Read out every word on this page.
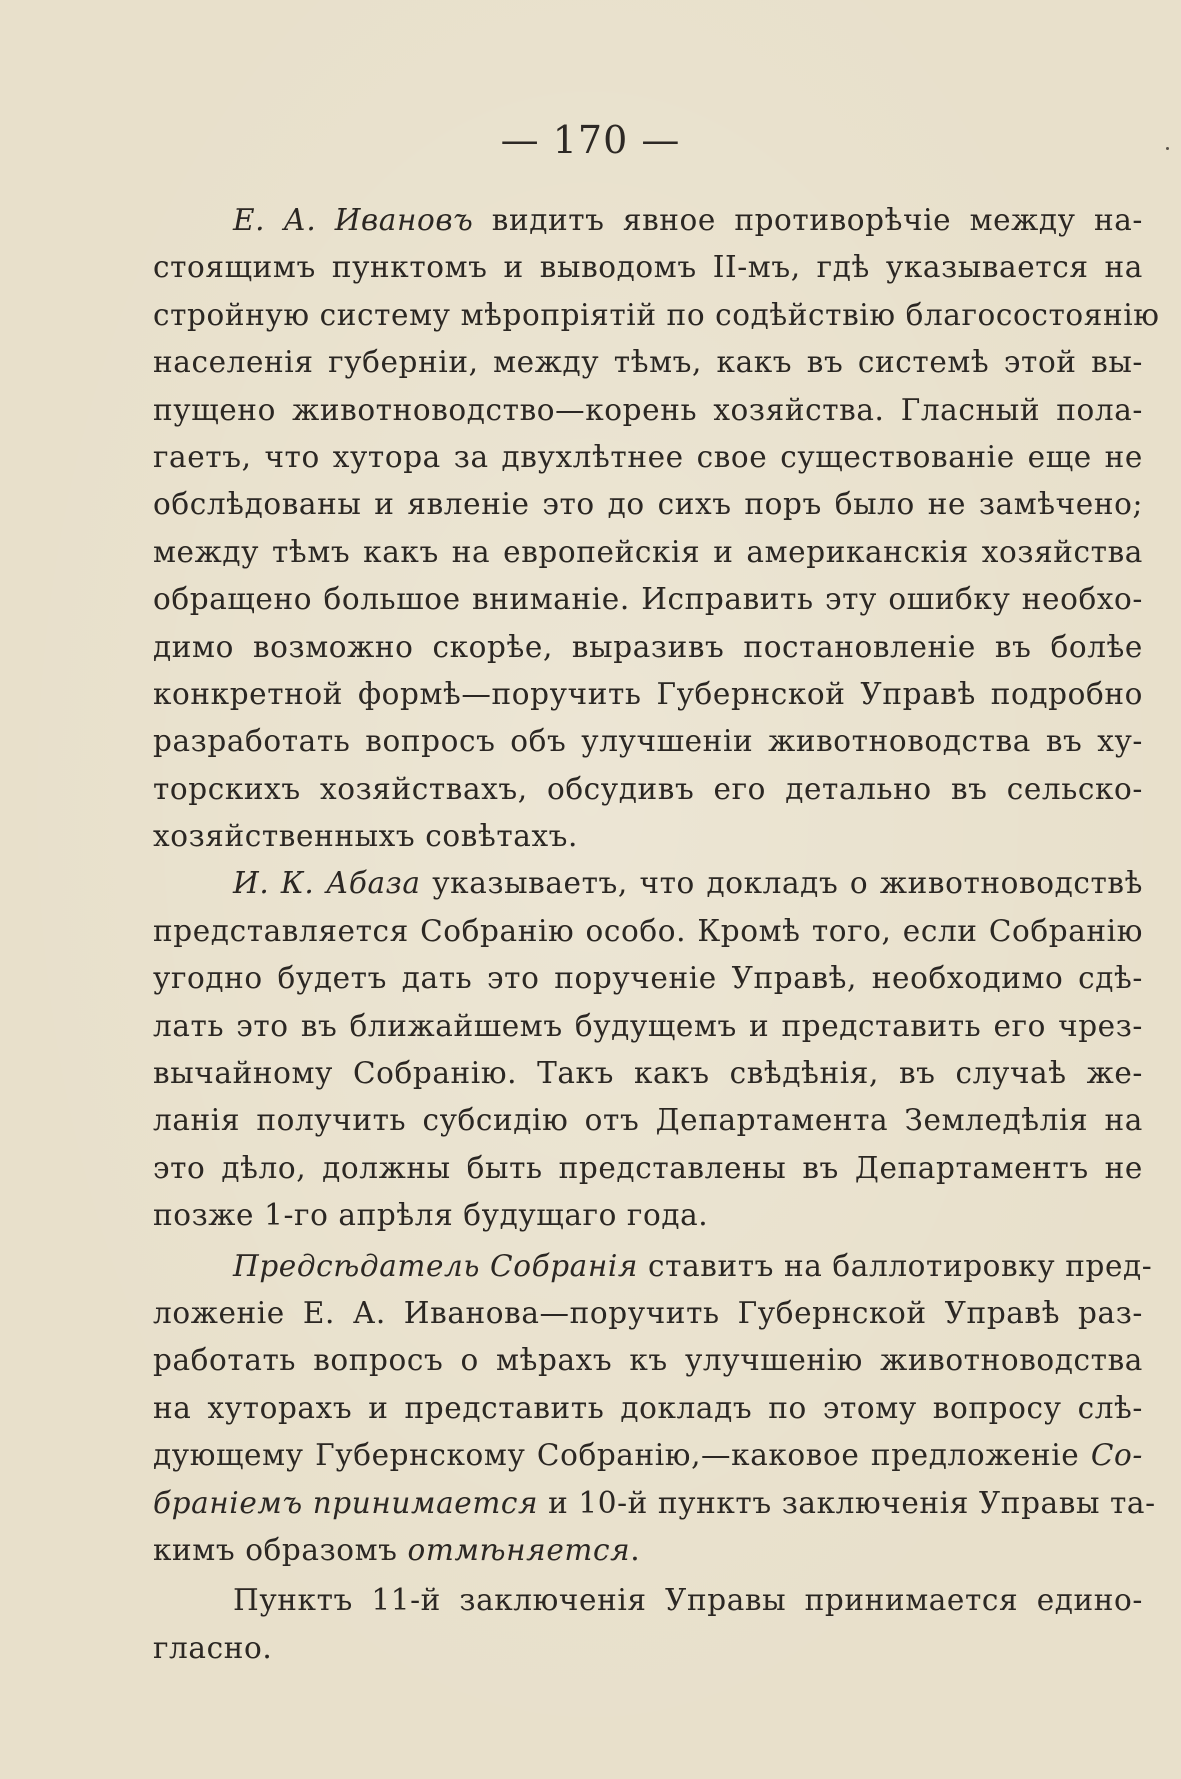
— 170 —
Е. А. Ивановъ видитъ явное противорѣчіе между на-
стоящимъ пунктомъ и выводомъ II-мъ, гдѣ указывается на
стройную систему мѣропріятій по содѣйствію благосостоянію
населенія губерніи, между тѣмъ, какъ въ системѣ этой вы-
пущено животноводство—корень хозяйства. Гласный пола-
гаетъ, что хутора за двухлѣтнее свое существованіе еще не
обслѣдованы и явленіе это до сихъ поръ было не замѣчено;
между тѣмъ какъ на европейскія и американскія хозяйства
обращено большое вниманіе. Исправить эту ошибку необхо-
димо возможно скорѣе, выразивъ постановленіе въ болѣе
конкретной формѣ—поручить Губернской Управѣ подробно
разработать вопросъ объ улучшеніи животноводства въ ху-
торскихъ хозяйствахъ, обсудивъ его детально въ сельско-
хозяйственныхъ совѣтахъ.
И. К. Абаза указываетъ, что докладъ о животноводствѣ
представляется Собранію особо. Кромѣ того, если Собранію
угодно будетъ дать это порученіе Управѣ, необходимо сдѣ-
лать это въ ближайшемъ будущемъ и представить его чрез-
вычайному Собранію. Такъ какъ свѣдѣнія, въ случаѣ же-
ланія получить субсидію отъ Департамента Земледѣлія на
это дѣло, должны быть представлены въ Департаментъ не
позже 1-го апрѣля будущаго года.
Предсѣдатель Собранія ставитъ на баллотировку пред-
ложеніе Е. А. Иванова—поручить Губернской Управѣ раз-
работать вопросъ о мѣрахъ къ улучшенію животноводства
на хуторахъ и представить докладъ по этому вопросу слѣ-
дующему Губернскому Собранію,—каковое предложеніе Со-
браніемъ принимается и 10-й пунктъ заключенія Управы та-
кимъ образомъ отмѣняется.
Пунктъ 11-й заключенія Управы принимается едино-
гласно.
